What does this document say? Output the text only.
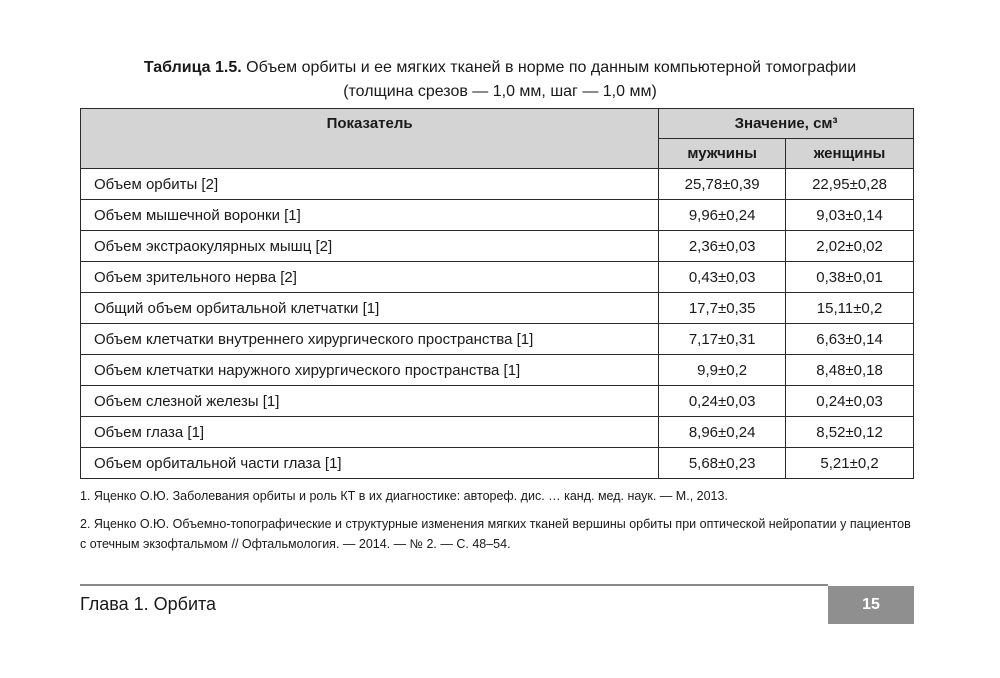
Таблица 1.5. Объем орбиты и ее мягких тканей в норме по данным компьютерной томографии
(толщина срезов — 1,0 мм, шаг — 1,0 мм)
Показатель	Значение, см³	
	мужчины	женщины
Объем орбиты [2]	25,78±0,39	22,95±0,28
Объем мышечной воронки [1]	9,96±0,24	9,03±0,14
Объем экстраокулярных мышц [2]	2,36±0,03	2,02±0,02
Объем зрительного нерва [2]	0,43±0,03	0,38±0,01
Общий объем орбитальной клетчатки [1]	17,7±0,35	15,11±0,2
Объем клетчатки внутреннего хирургического пространства [1]	7,17±0,31	6,63±0,14
Объем клетчатки наружного хирургического пространства [1]	9,9±0,2	8,48±0,18
Объем слезной железы [1]	0,24±0,03	0,24±0,03
Объем глаза [1]	8,96±0,24	8,52±0,12
Объем орбитальной части глаза [1]	5,68±0,23	5,21±0,2

1. Яценко О.Ю. Заболевания орбиты и роль КТ в их диагностике: автореф. дис. … канд. мед. наук. — М., 2013.

2. Яценко О.Ю. Объемно-топографические и структурные изменения мягких тканей вершины орбиты при оптической нейропатии у пациентов с отечным экзофтальмом // Офтальмология. — 2014. — № 2. — С. 48–54.

Глава 1. Орбита	15
